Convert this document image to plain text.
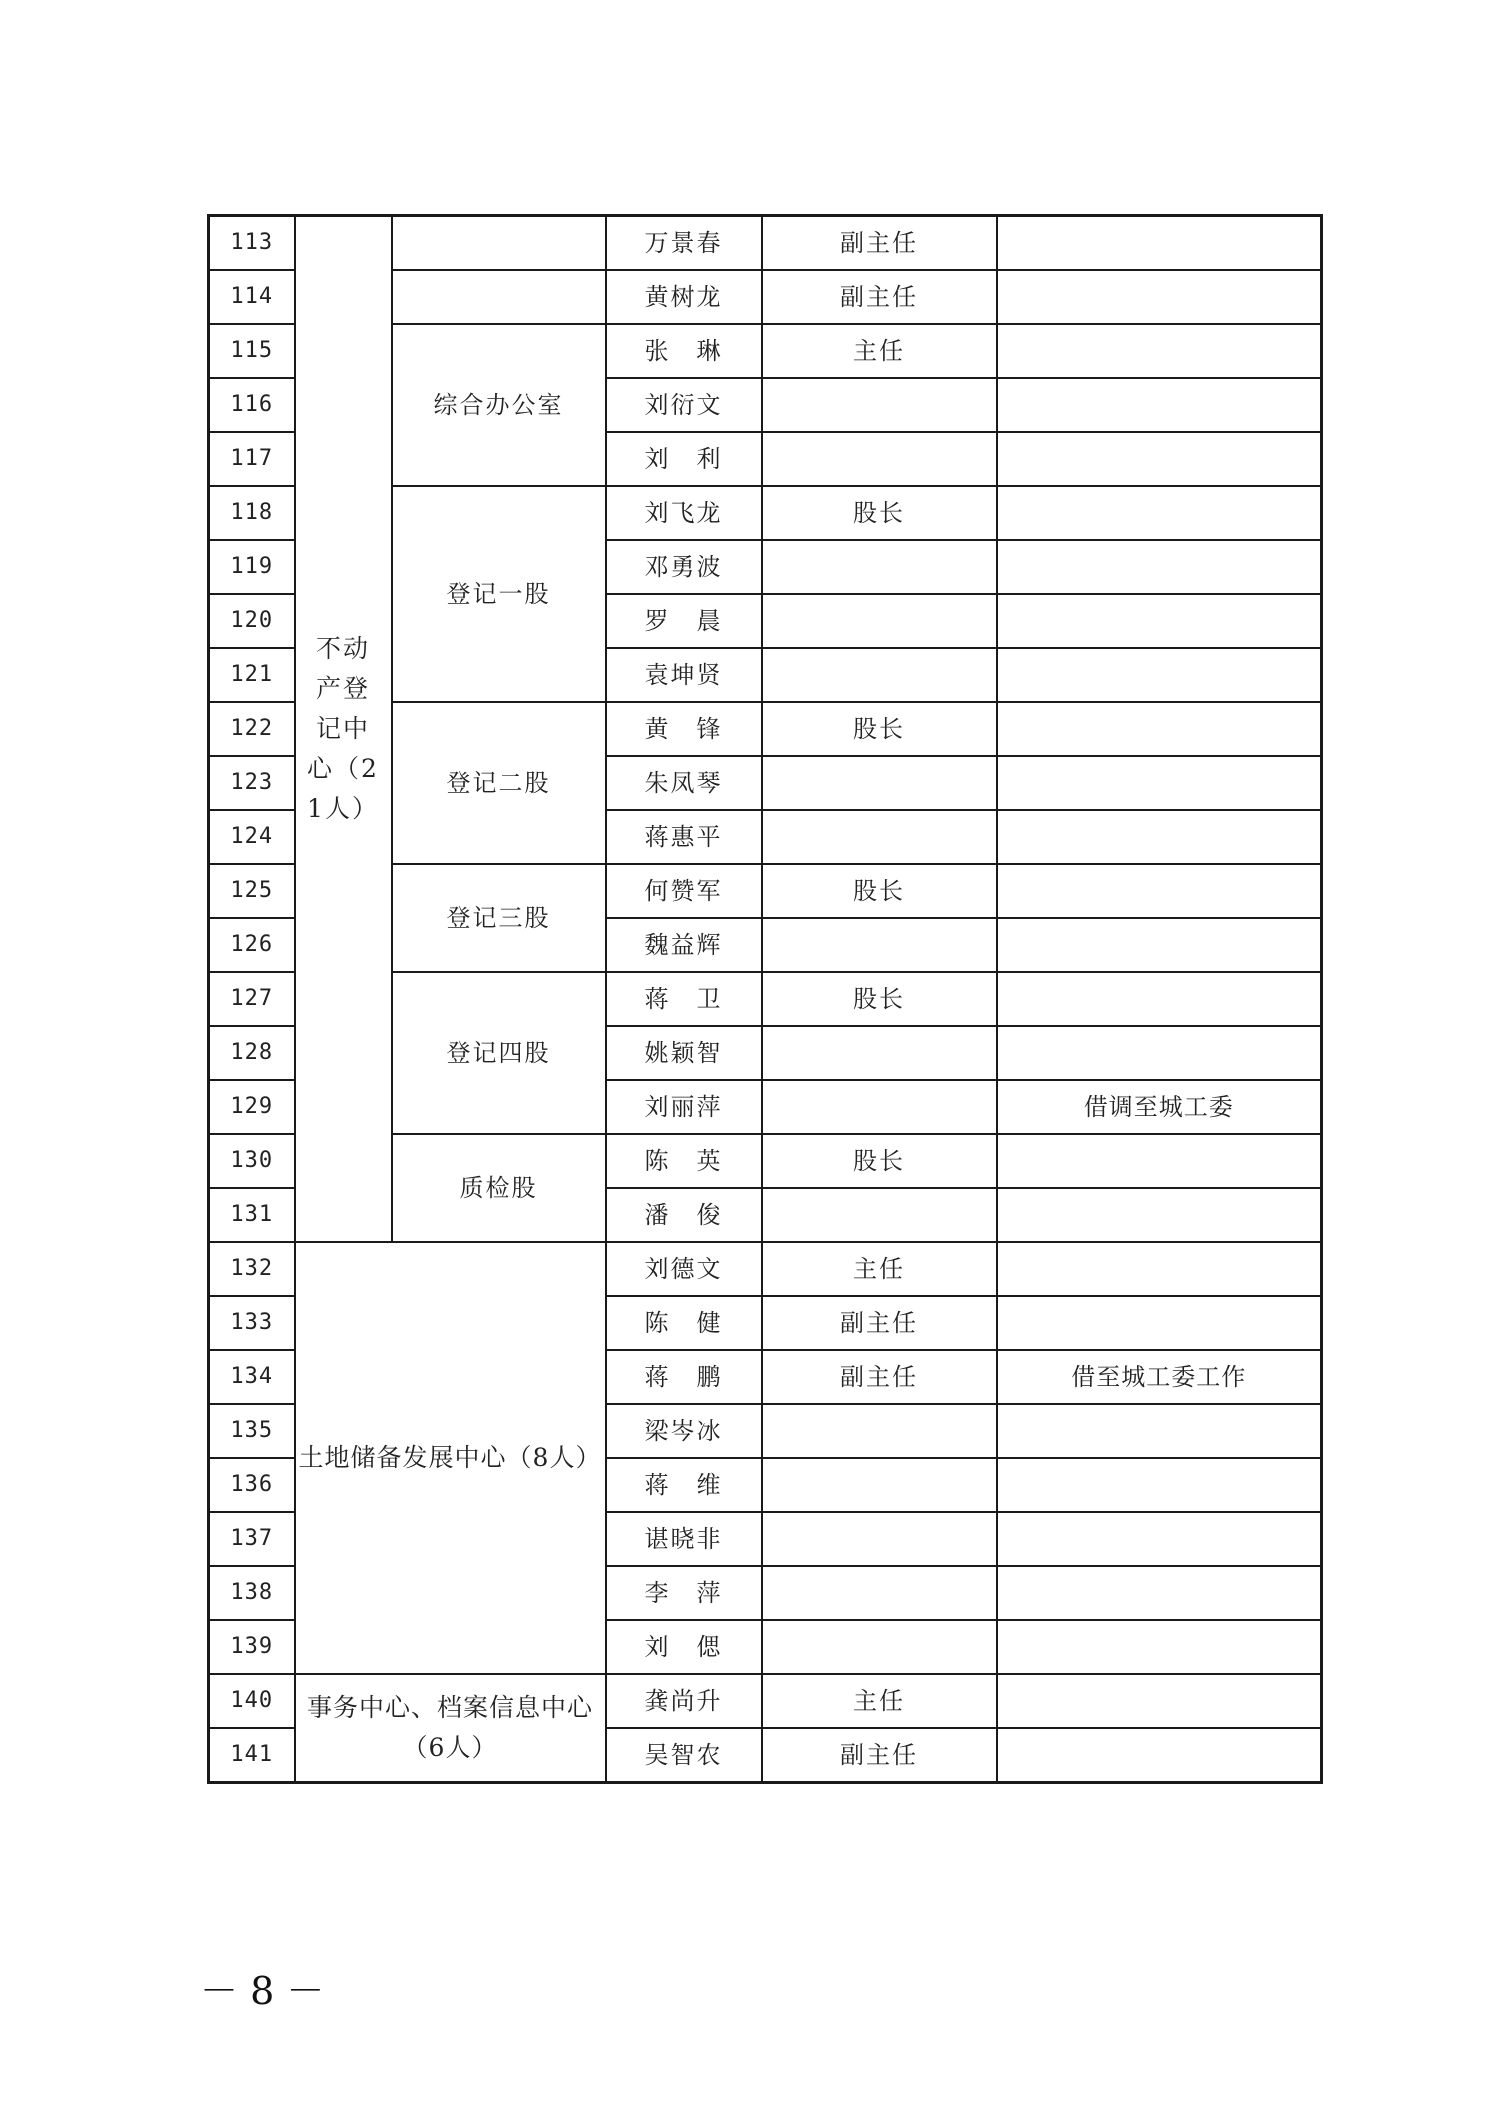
113	不动产登记中心（21人）		万景春	副主任	
114			黄树龙	副主任	
115		综合办公室	张　琳	主任	
116			刘衍文		
117			刘　利		
118		登记一股	刘飞龙	股长	
119			邓勇波		
120			罗　晨		
121			袁坤贤		
122		登记二股	黄　锋	股长	
123			朱凤琴		
124			蒋惠平		
125		登记三股	何赞军	股长	
126			魏益辉		
127		登记四股	蒋　卫	股长	
128			姚颖智		
129			刘丽萍		借调至城工委
130		质检股	陈　英	股长	
131			潘　俊		
132	土地储备发展中心（8人）		刘德文	主任	
133			陈　健	副主任	
134			蒋　鹏	副主任	借至城工委工作
135			梁岑冰		
136			蒋　维		
137			谌晓非		
138			李　萍		
139			刘　偲		
140	事务中心、档案信息中心（6人）		龚尚升	主任	
141			吴智农	副主任	
－ 8 －
